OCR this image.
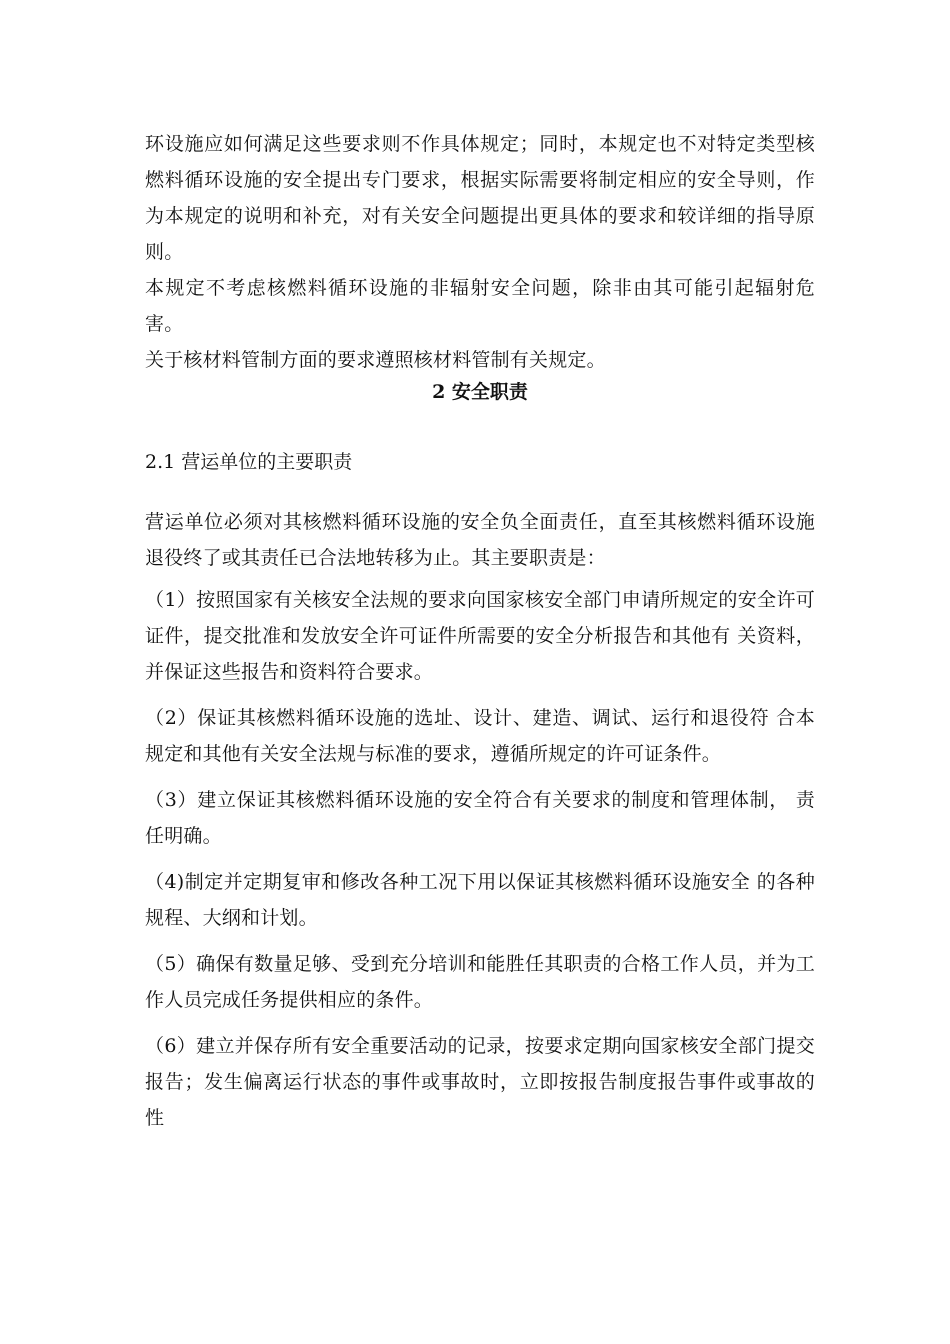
环设施应如何满足这些要求则不作具体规定；同时，本规定也不对特定类型核燃料循环设施的安全提出专门要求，根据实际需要将制定相应的安全导则，作为本规定的说明和补充，对有关安全问题提出更具体的要求和较详细的指导原则。

本规定不考虑核燃料循环设施的非辐射安全问题，除非由其可能引起辐射危害。

关于核材料管制方面的要求遵照核材料管制有关规定。

2 安全职责
2.1 营运单位的主要职责

营运单位必须对其核燃料循环设施的安全负全面责任，直至其核燃料循环设施退役终了或其责任已合法地转移为止。其主要职责是：

（1）按照国家有关核安全法规的要求向国家核安全部门申请所规定的安全许可证件，提交批准和发放安全许可证件所需要的安全分析报告和其他有 关资料，并保证这些报告和资料符合要求。

（2）保证其核燃料循环设施的选址、设计、建造、调试、运行和退役符 合本规定和其他有关安全法规与标准的要求，遵循所规定的许可证条件。

（3）建立保证其核燃料循环设施的安全符合有关要求的制度和管理体制， 责任明确。

（4)制定并定期复审和修改各种工况下用以保证其核燃料循环设施安全 的各种规程、大纲和计划。

（5）确保有数量足够、受到充分培训和能胜任其职责的合格工作人员，并为工作人员完成任务提供相应的条件。

（6）建立并保存所有安全重要活动的记录，按要求定期向国家核安全部门提交报告；发生偏离运行状态的事件或事故时，立即按报告制度报告事件或事故的性
